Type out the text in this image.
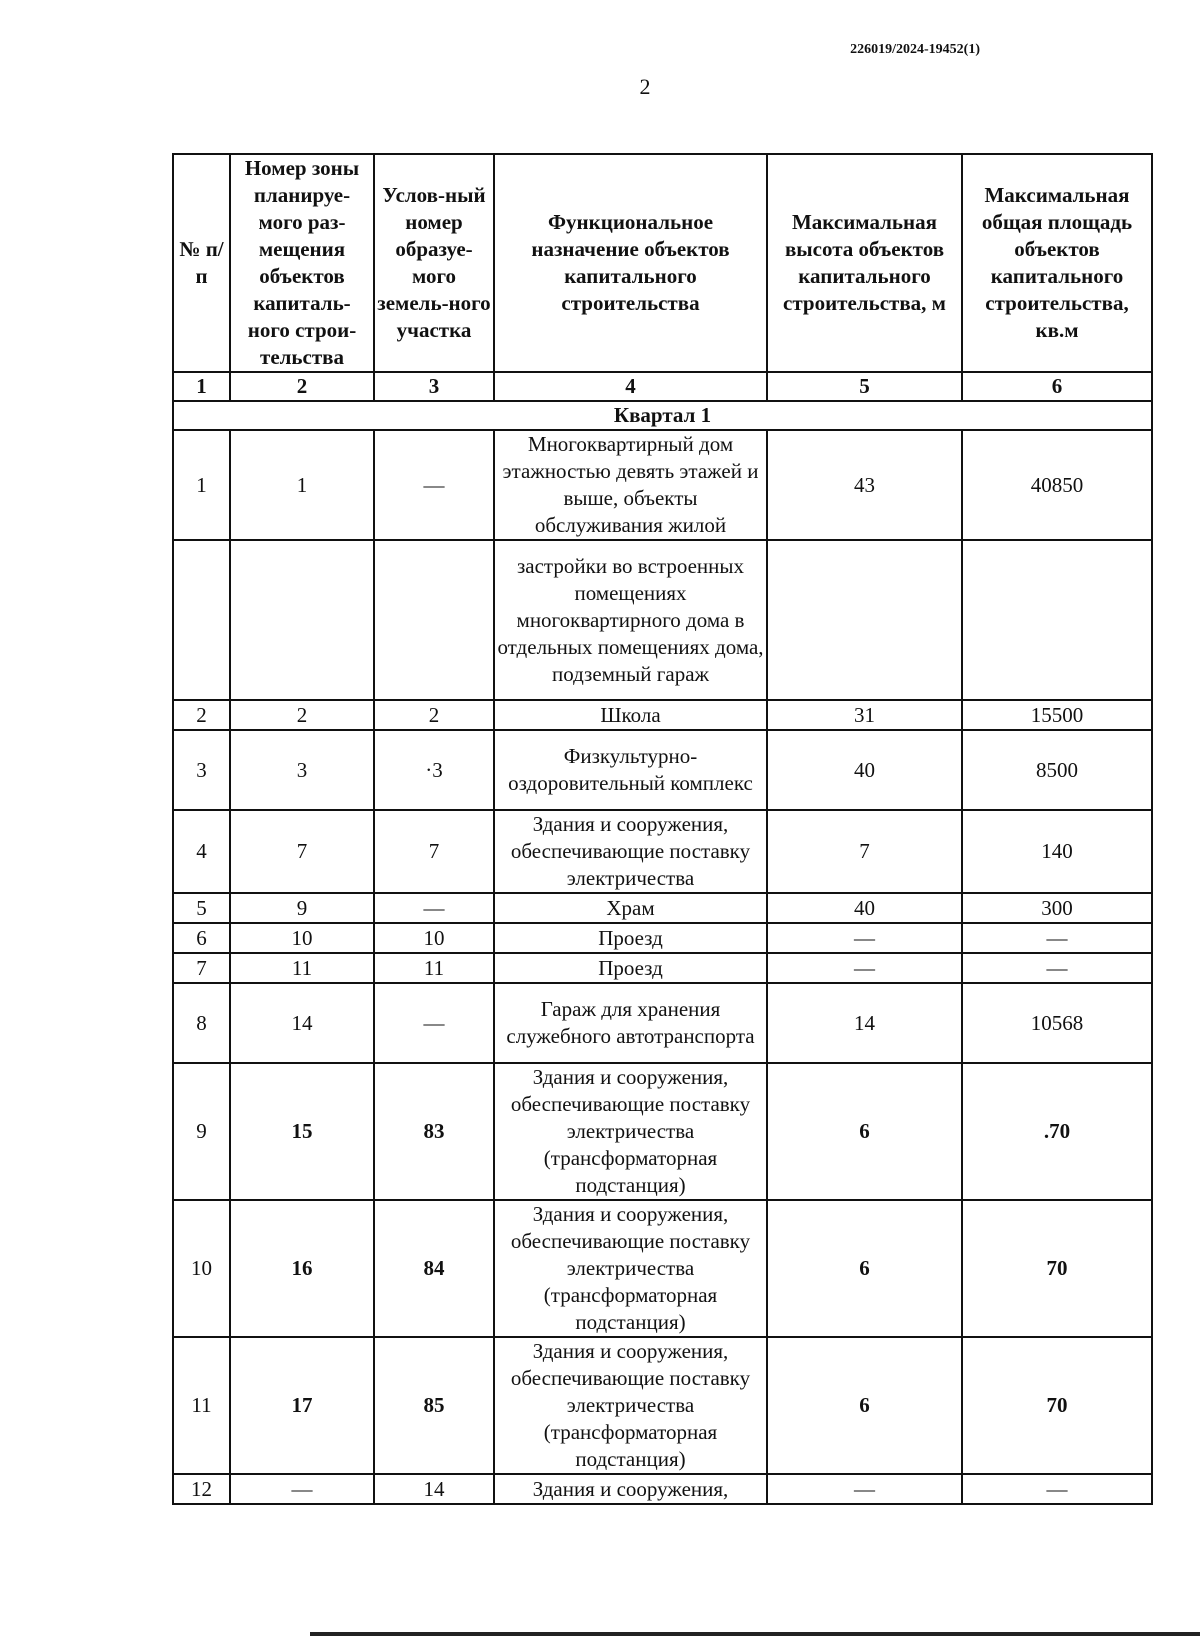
226019/2024-19452(1)
2
№ п/п	Номер зоны планируе-мого раз-мещения объектов капиталь-ного строи-тельства	Услов-ный номер образуе-мого земель-ного участка	Функциональное назначение объектов капитального строительства	Максимальная высота объектов капитального строительства, м	Максимальная общая площадь объектов капитального строительства, кв.м
1	2	3	4	5	6
Квартал 1					
1	1	—	Многоквартирный дом этажностью девять этажей и выше, объекты обслуживания жилой	43	40850
			застройки во встроенных помещениях многоквартирного дома в отдельных помещениях дома, подземный гараж		
2	2	2	Школа	31	15500
3	3	·3	Физкультурно-оздоровительный комплекс	40	8500
4	7	7	Здания и сооружения, обеспечивающие поставку электричества	7	140
5	9	—	Храм	40	300
6	10	10	Проезд	—	—
7	11	11	Проезд	—	—
8	14	—	Гараж для хранения служебного автотранспорта	14	10568
9	15	83	Здания и сооружения, обеспечивающие поставку электричества (трансформаторная подстанция)	6	.70
10	16	84	Здания и сооружения, обеспечивающие поставку электричества (трансформаторная подстанция)	6	70
11	17	85	Здания и сооружения, обеспечивающие поставку электричества (трансформаторная подстанция)	6	70
12	—	14	Здания и сооружения,	—	—
